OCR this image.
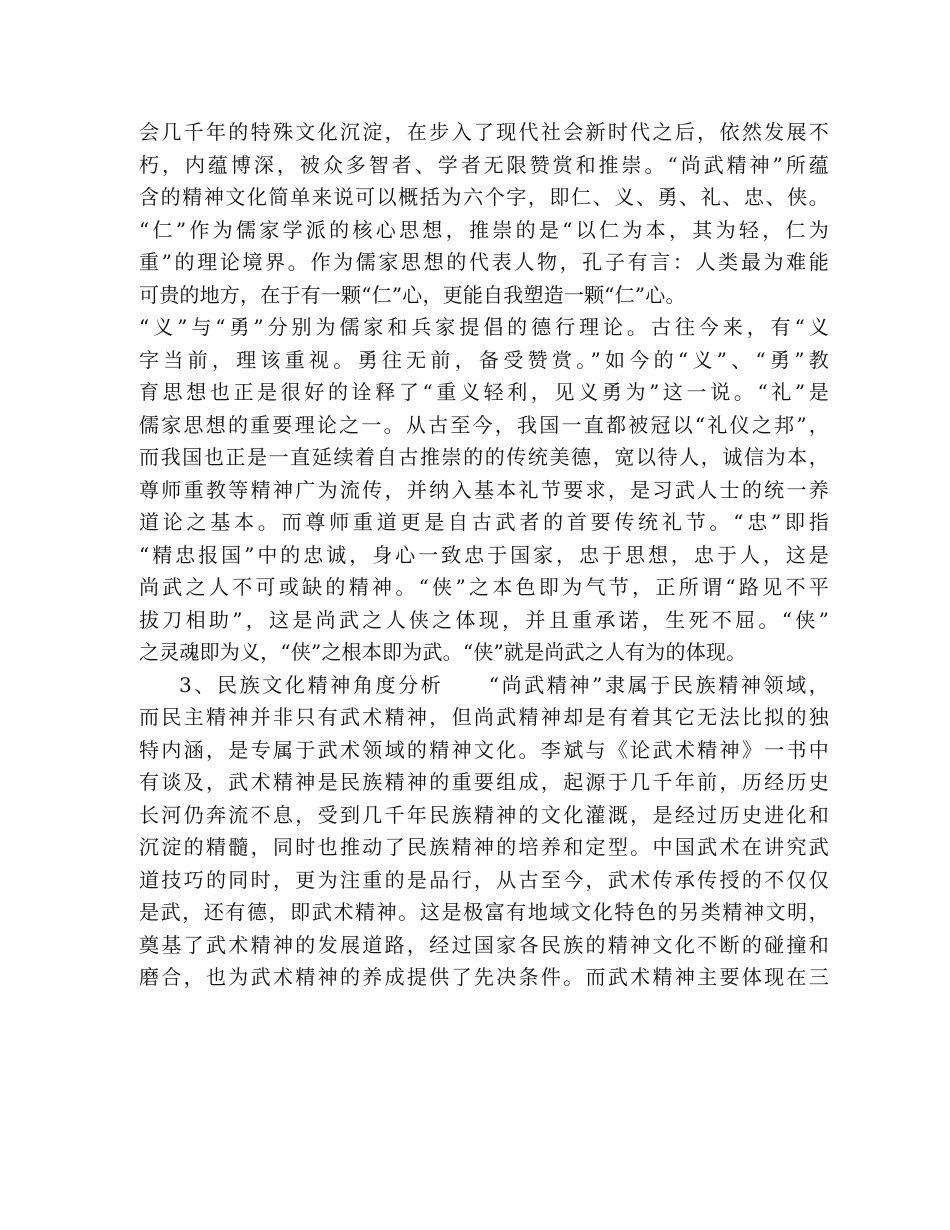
会几千年的特殊文化沉淀，在步入了现代社会新时代之后，依然发展不
朽，内蕴博深，被众多智者、学者无限赞赏和推崇。“尚武精神”所蕴
含的精神文化简单来说可以概括为六个字，即仁、义、勇、礼、忠、侠。
“仁”作为儒家学派的核心思想，推崇的是“以仁为本，其为轻，仁为
重”的理论境界。作为儒家思想的代表人物，孔子有言：人类最为难能
可贵的地方，在于有一颗“仁”心，更能自我塑造一颗“仁”心。
“义”与“勇”分别为儒家和兵家提倡的德行理论。古往今来，有“义
字当前，理该重视。勇往无前，备受赞赏。”如今的“义”、“勇”教
育思想也正是很好的诠释了“重义轻利，见义勇为”这一说。“礼”是
儒家思想的重要理论之一。从古至今，我国一直都被冠以“礼仪之邦”，
而我国也正是一直延续着自古推崇的的传统美德，宽以待人，诚信为本，
尊师重教等精神广为流传，并纳入基本礼节要求，是习武人士的统一养
道论之基本。而尊师重道更是自古武者的首要传统礼节。“忠”即指
“精忠报国”中的忠诚，身心一致忠于国家，忠于思想，忠于人，这是
尚武之人不可或缺的精神。“侠”之本色即为气节，正所谓“路见不平
拔刀相助”，这是尚武之人侠之体现，并且重承诺，生死不屈。“侠”
之灵魂即为义，“侠”之根本即为武。“侠”就是尚武之人有为的体现。
3、民族文化精神角度分析　　“尚武精神”隶属于民族精神领域，
而民主精神并非只有武术精神，但尚武精神却是有着其它无法比拟的独
特内涵，是专属于武术领域的精神文化。李斌与《论武术精神》一书中
有谈及，武术精神是民族精神的重要组成，起源于几千年前，历经历史
长河仍奔流不息，受到几千年民族精神的文化灌溉，是经过历史进化和
沉淀的精髓，同时也推动了民族精神的培养和定型。中国武术在讲究武
道技巧的同时，更为注重的是品行，从古至今，武术传承传授的不仅仅
是武，还有德，即武术精神。这是极富有地域文化特色的另类精神文明，
奠基了武术精神的发展道路，经过国家各民族的精神文化不断的碰撞和
磨合，也为武术精神的养成提供了先决条件。而武术精神主要体现在三
